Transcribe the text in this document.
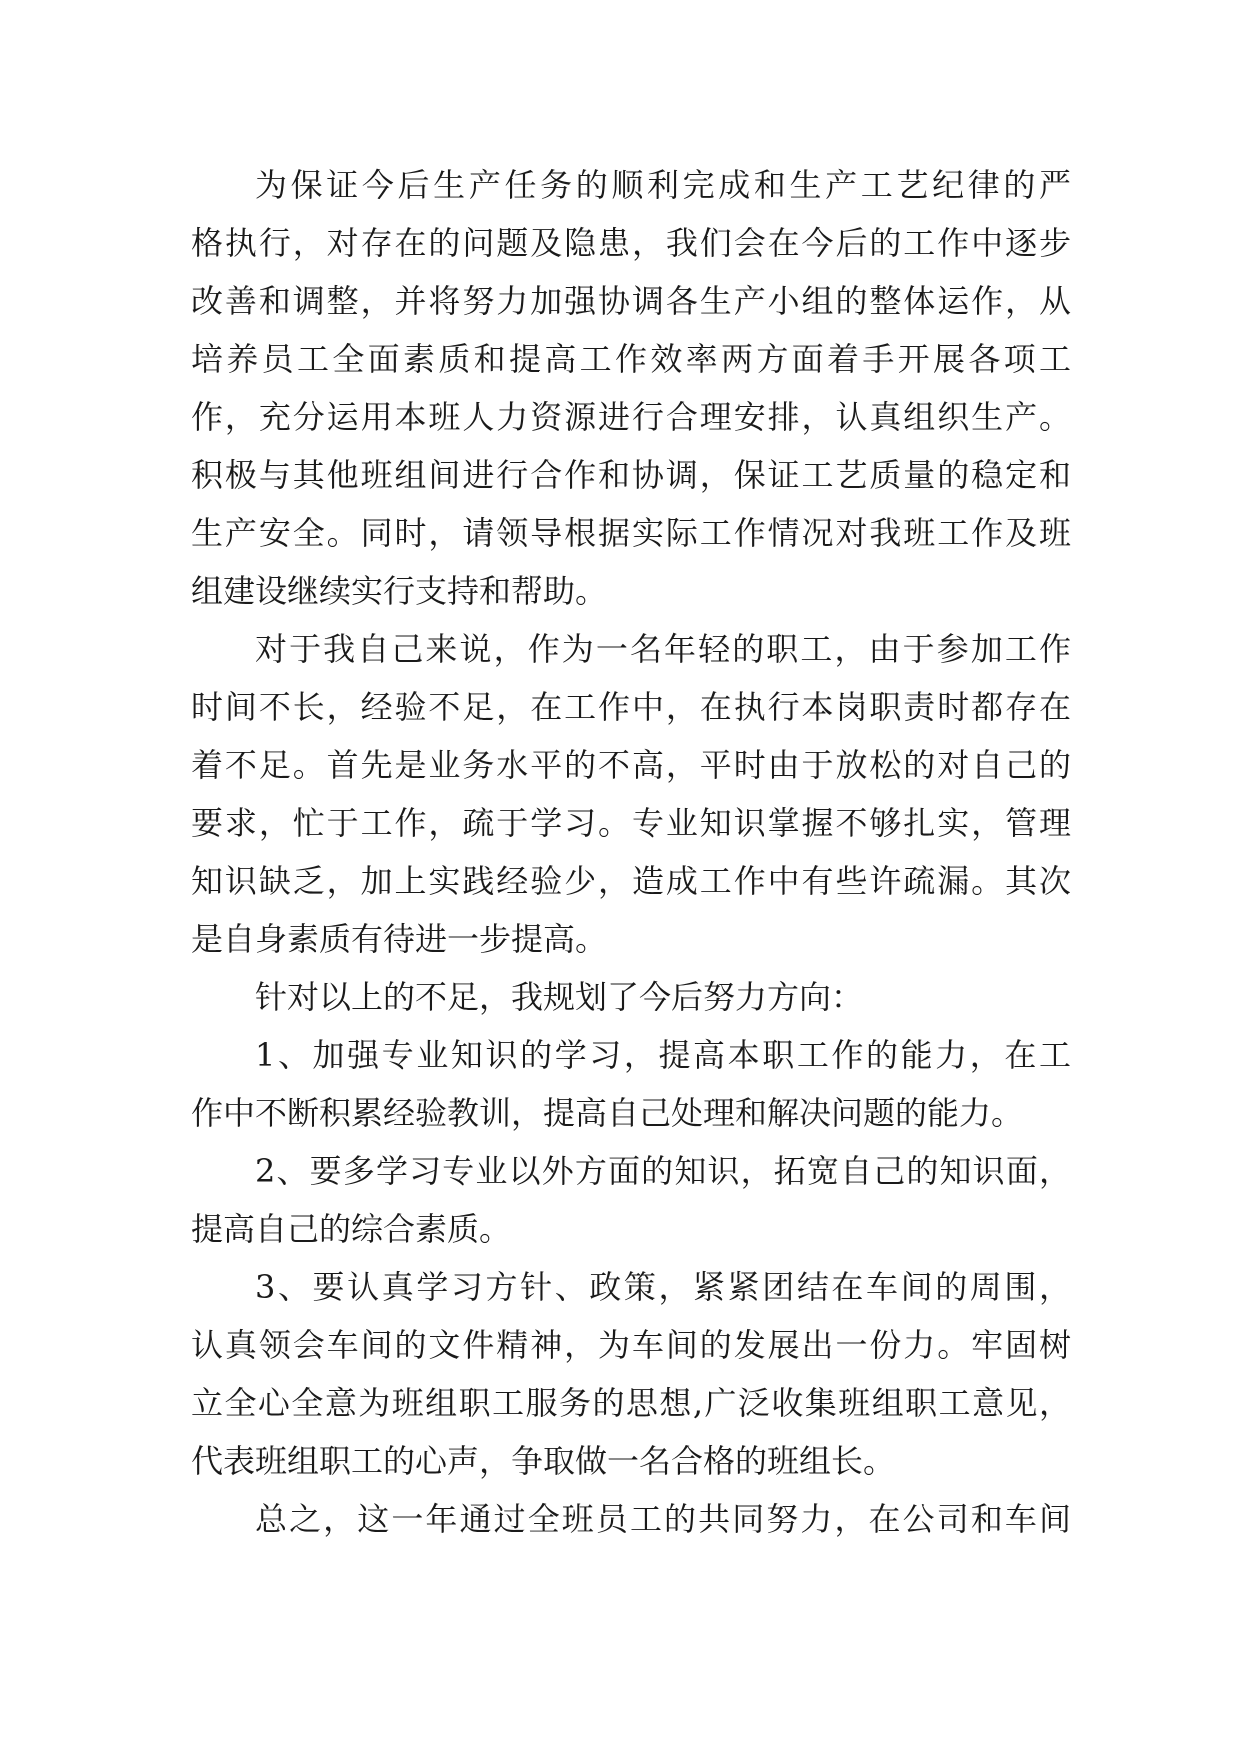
为保证今后生产任务的顺利完成和生产工艺纪律的严
格执行，对存在的问题及隐患，我们会在今后的工作中逐步
改善和调整，并将努力加强协调各生产小组的整体运作，从
培养员工全面素质和提高工作效率两方面着手开展各项工
作，充分运用本班人力资源进行合理安排，认真组织生产。
积极与其他班组间进行合作和协调，保证工艺质量的稳定和
生产安全。同时，请领导根据实际工作情况对我班工作及班
组建设继续实行支持和帮助。
对于我自己来说，作为一名年轻的职工，由于参加工作
时间不长，经验不足，在工作中，在执行本岗职责时都存在
着不足。首先是业务水平的不高，平时由于放松的对自己的
要求，忙于工作，疏于学习。专业知识掌握不够扎实，管理
知识缺乏，加上实践经验少，造成工作中有些许疏漏。其次
是自身素质有待进一步提高。
针对以上的不足，我规划了今后努力方向：
1、加强专业知识的学习，提高本职工作的能力，在工
作中不断积累经验教训，提高自己处理和解决问题的能力。
2、要多学习专业以外方面的知识，拓宽自己的知识面，
提高自己的综合素质。
3、要认真学习方针、政策，紧紧团结在车间的周围，
认真领会车间的文件精神，为车间的发展出一份力。牢固树
立全心全意为班组职工服务的思想,广泛收集班组职工意见，
代表班组职工的心声，争取做一名合格的班组长。
总之，这一年通过全班员工的共同努力，在公司和车间
